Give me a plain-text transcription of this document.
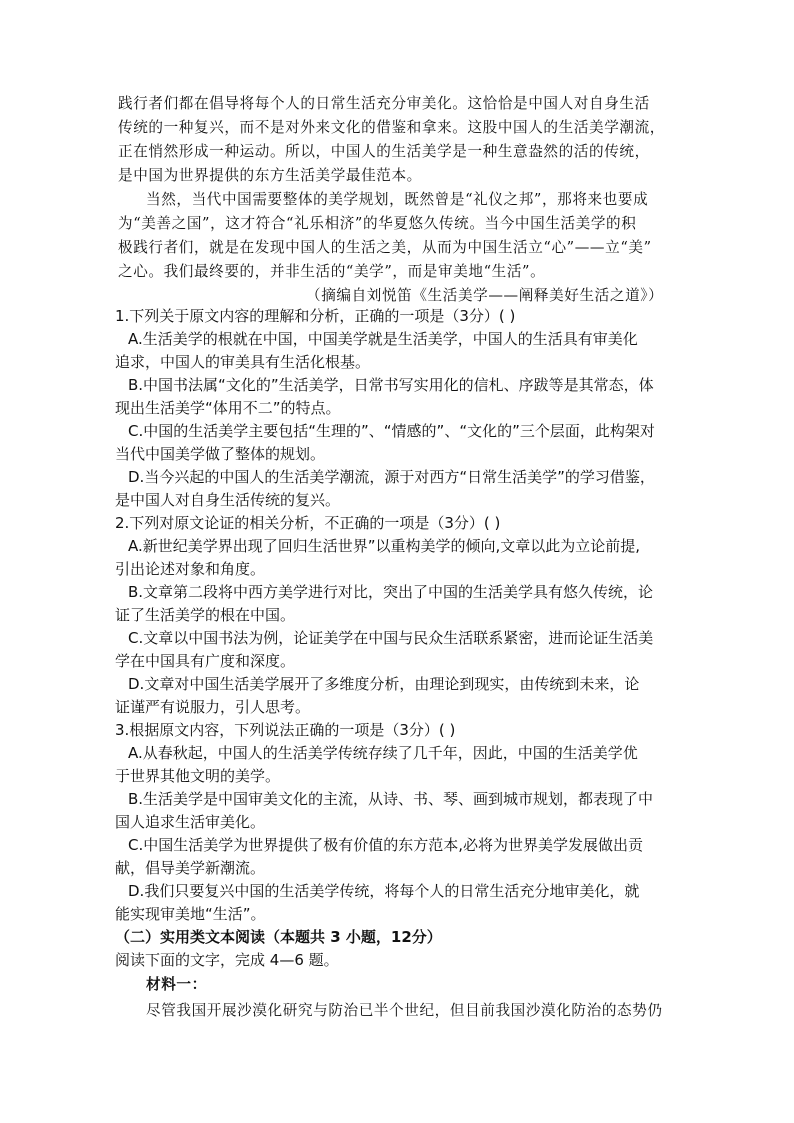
践行者们都在倡导将每个人的日常生活充分审美化。这恰恰是中国人对自身生活
传统的一种复兴，而不是对外来文化的借鉴和拿来。这股中国人的生活美学潮流，
正在悄然形成一种运动。所以，中国人的生活美学是一种生意盎然的活的传统，
是中国为世界提供的东方生活美学最佳范本。
当然，当代中国需要整体的美学规划，既然曾是“礼仪之邦”，那将来也要成
为“美善之国”，这才符合“礼乐相济”的华夏悠久传统。当今中国生活美学的积
极践行者们，就是在发现中国人的生活之美，从而为中国生活立“心”——立“美”
之心。我们最终要的，并非生活的“美学”，而是审美地“生活”。
（摘编自刘悦笛《生活美学——阐释美好生活之道》）
1.下列关于原文内容的理解和分析，正确的一项是（3分）( )
A.生活美学的根就在中国，中国美学就是生活美学，中国人的生活具有审美化
追求，中国人的审美具有生活化根基。
B.中国书法属“文化的”生活美学，日常书写实用化的信札、序跋等是其常态，体
现出生活美学“体用不二”的特点。
C.中国的生活美学主要包括“生理的”、“情感的”、“文化的”三个层面，此构架对
当代中国美学做了整体的规划。
D.当今兴起的中国人的生活美学潮流，源于对西方“日常生活美学”的学习借鉴，
是中国人对自身生活传统的复兴。
2.下列对原文论证的相关分析，不正确的一项是（3分）( )
A.新世纪美学界出现了回归生活世界”以重构美学的倾向,文章以此为立论前提,
引出论述对象和角度。
B.文章第二段将中西方美学进行对比，突出了中国的生活美学具有悠久传统，论
证了生活美学的根在中国。
C.文章以中国书法为例，论证美学在中国与民众生活联系紧密，进而论证生活美
学在中国具有广度和深度。
D.文章对中国生活美学展开了多维度分析，由理论到现实，由传统到未来，论
证谨严有说服力，引人思考。
3.根据原文内容，下列说法正确的一项是（3分）( )
A.从春秋起，中国人的生活美学传统存续了几千年，因此，中国的生活美学优
于世界其他文明的美学。
B.生活美学是中国审美文化的主流，从诗、书、琴、画到城市规划，都表现了中
国人追求生活审美化。
C.中国生活美学为世界提供了极有价值的东方范本,必将为世界美学发展做出贡
献，倡导美学新潮流。
D.我们只要复兴中国的生活美学传统，将每个人的日常生活充分地审美化，就
能实现审美地“生活”。
（二）实用类文本阅读（本题共 3 小题，12分）
阅读下面的文字，完成 4—6 题。
材料一：
尽管我国开展沙漠化研究与防治已半个世纪，但目前我国沙漠化防治的态势仍
